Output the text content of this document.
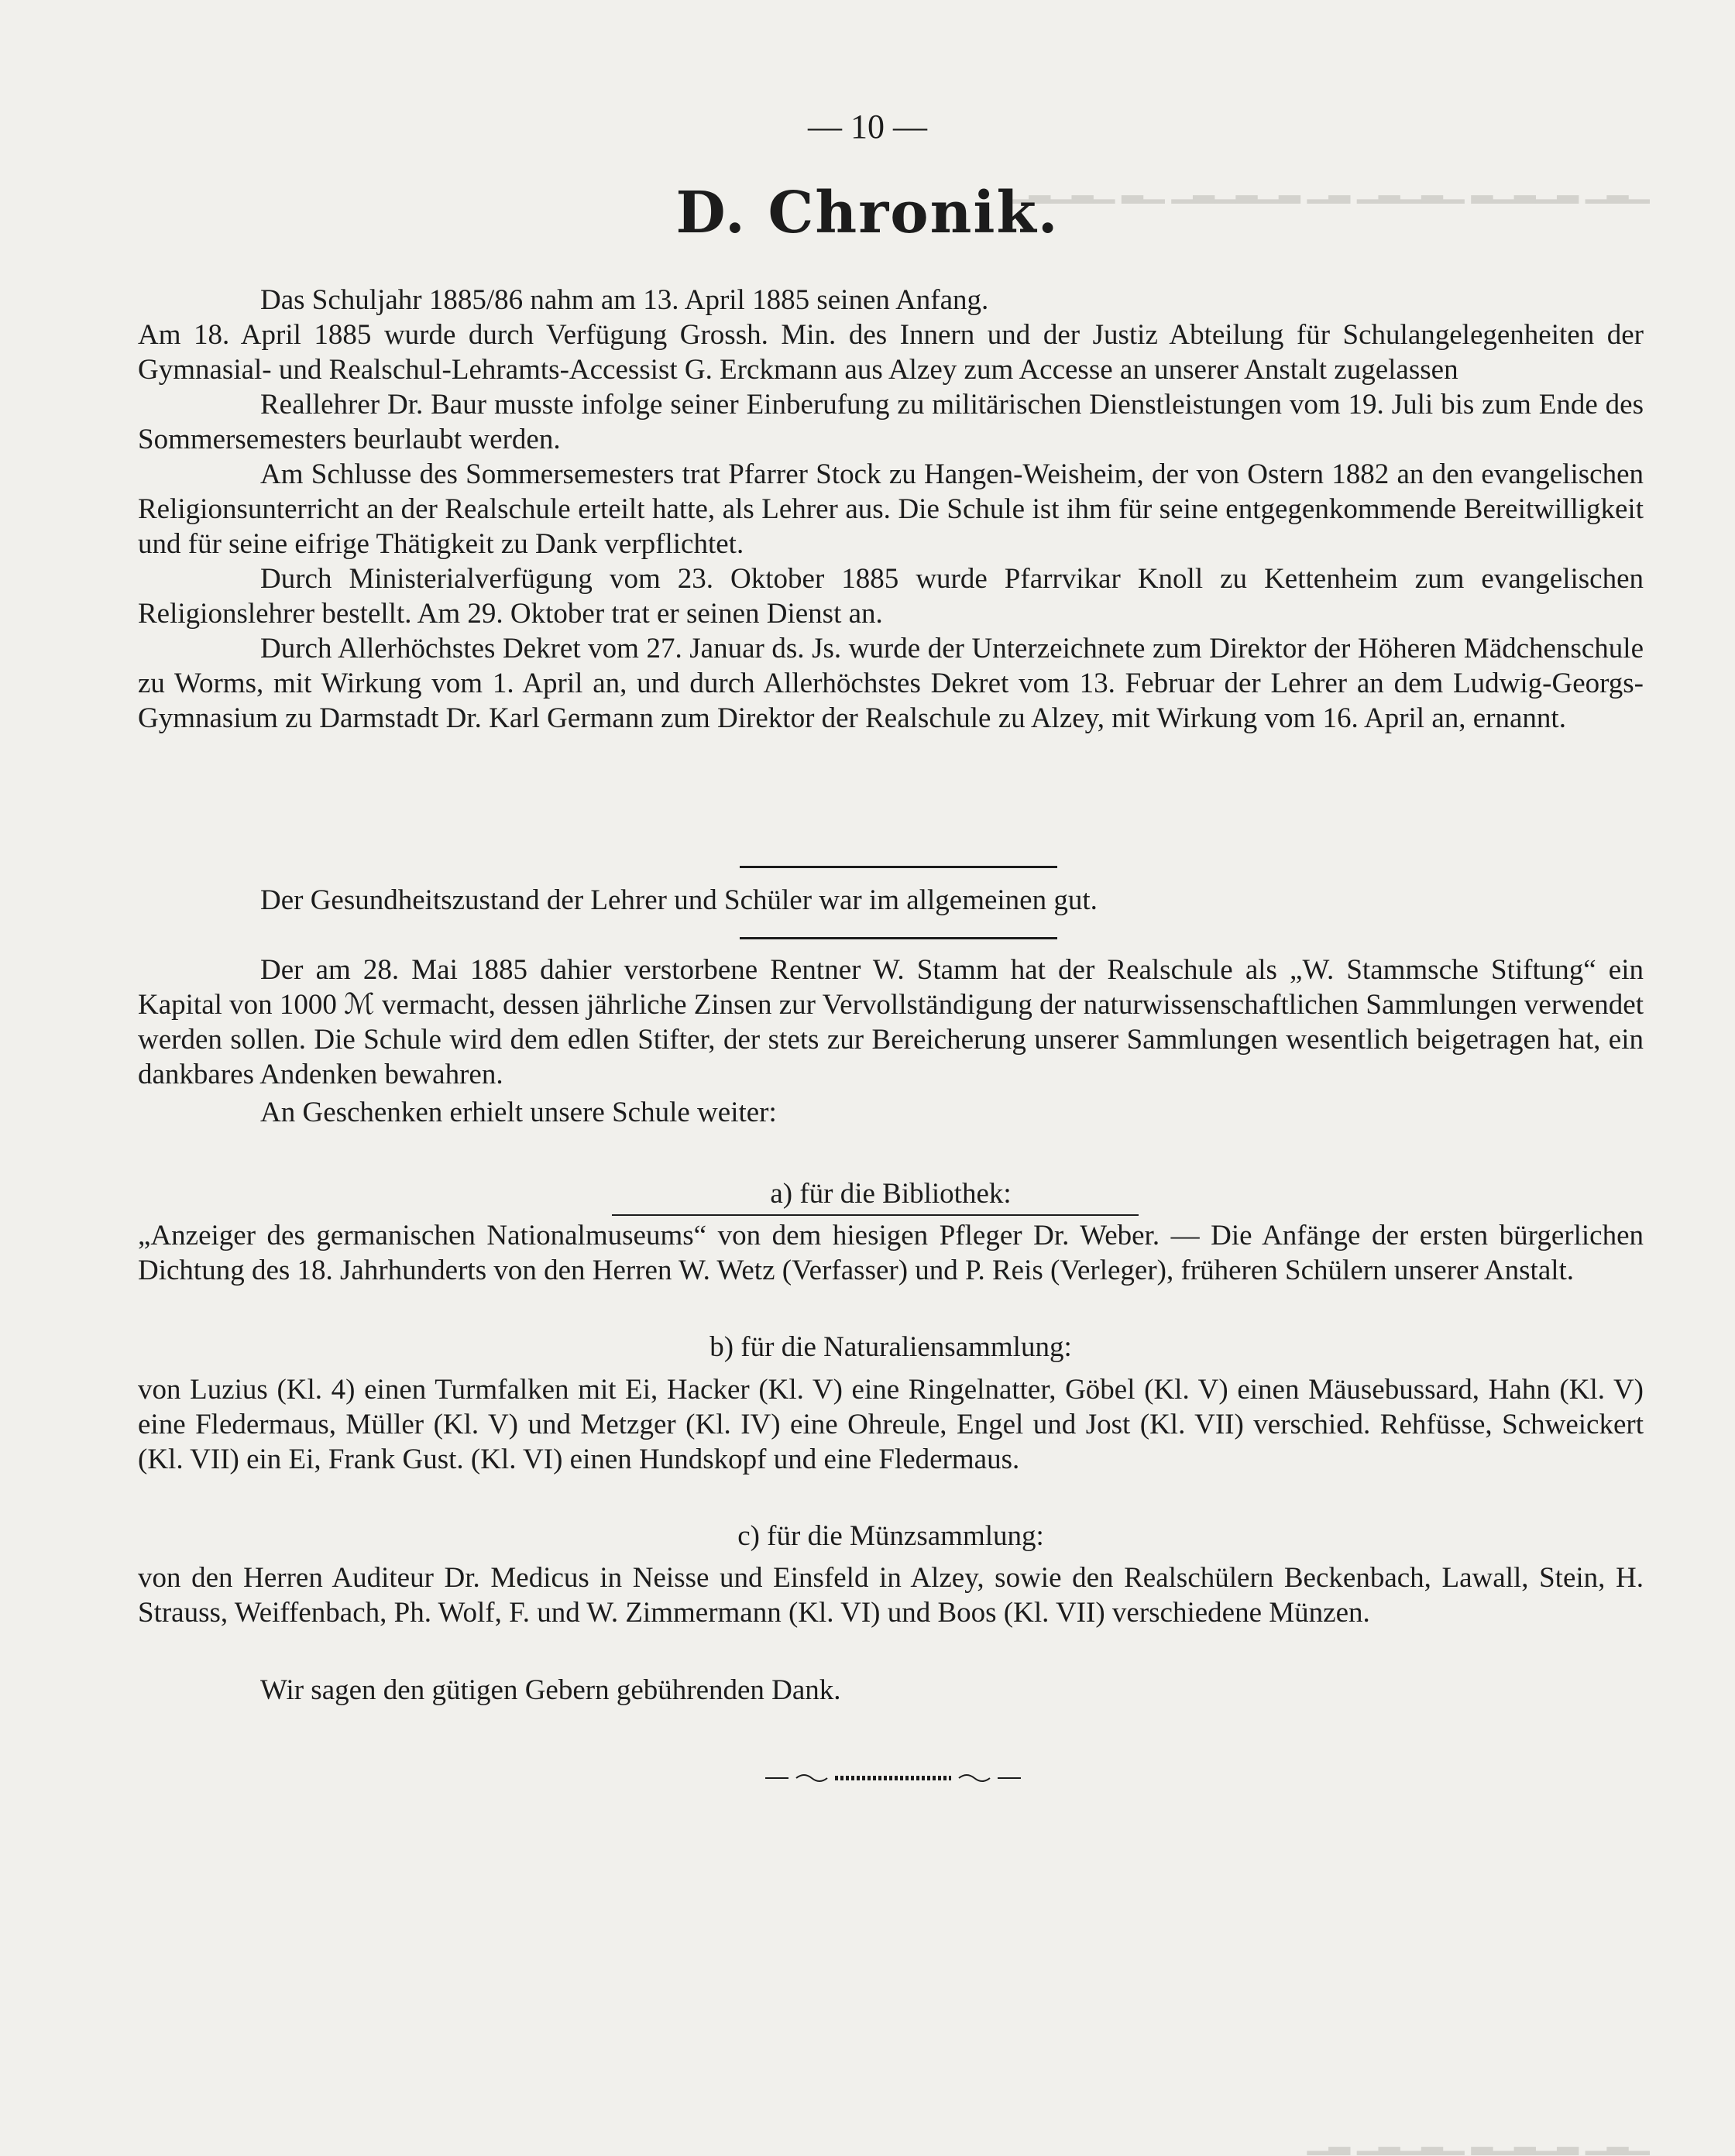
▁▂▁ ▂▁▂▁▂ ▁▂▁▂▁ ▂▁ ▂▁▂▁▂▁ ▁▂ ▁▂▁▂▁
▁▂▁ ▂▁▂▁▂ ▁▂▁▂▁ ▂▁
— 10 —
D. Chronik.

Das Schuljahr 1885/86 nahm am 13. April 1885 seinen Anfang.

Am 18. April 1885 wurde durch Verfügung Grossh. Min. des Innern und der Justiz Abteilung für Schulangelegenheiten der Gymnasial- und Realschul-Lehramts-Accessist G. Erckmann aus Alzey zum Accesse an unserer Anstalt zugelassen

Reallehrer Dr. Baur musste infolge seiner Einberufung zu militärischen Dienstleistungen vom 19. Juli bis zum Ende des Sommersemesters beurlaubt werden.

Am Schlusse des Sommersemesters trat Pfarrer Stock zu Hangen-Weisheim, der von Ostern 1882 an den evangelischen Religionsunterricht an der Realschule erteilt hatte, als Lehrer aus. Die Schule ist ihm für seine entgegenkommende Bereitwilligkeit und für seine eifrige Thätigkeit zu Dank verpflichtet.

Durch Ministerialverfügung vom 23. Oktober 1885 wurde Pfarrvikar Knoll zu Kettenheim zum evangelischen Religionslehrer bestellt. Am 29. Oktober trat er seinen Dienst an.

Durch Allerhöchstes Dekret vom 27. Januar ds. Js. wurde der Unterzeichnete zum Direktor der Höheren Mädchenschule zu Worms, mit Wirkung vom 1. April an, und durch Allerhöchstes Dekret vom 13. Februar der Lehrer an dem Ludwig-Georgs-Gymnasium zu Darmstadt Dr. Karl Germann zum Direktor der Realschule zu Alzey, mit Wirkung vom 16. April an, ernannt.

Der Gesundheitszustand der Lehrer und Schüler war im allgemeinen gut.

Der am 28. Mai 1885 dahier verstorbene Rentner W. Stamm hat der Realschule als „W. Stammsche Stiftung“ ein Kapital von 1000 ℳ vermacht, dessen jährliche Zinsen zur Vervollständigung der naturwissenschaftlichen Sammlungen verwendet werden sollen. Die Schule wird dem edlen Stifter, der stets zur Bereicherung unserer Sammlungen wesentlich beigetragen hat, ein dankbares Andenken bewahren.

An Geschenken erhielt unsere Schule weiter:

a) für die Bibliothek:

„Anzeiger des germanischen Nationalmuseums“ von dem hiesigen Pfleger Dr. Weber. — Die Anfänge der ersten bürgerlichen Dichtung des 18. Jahrhunderts von den Herren W. Wetz (Verfasser) und P. Reis (Verleger), früheren Schülern unserer Anstalt.

b) für die Naturaliensammlung:

von Luzius (Kl. 4) einen Turmfalken mit Ei, Hacker (Kl. V) eine Ringelnatter, Göbel (Kl. V) einen Mäusebussard, Hahn (Kl. V) eine Fledermaus, Müller (Kl. V) und Metzger (Kl. IV) eine Ohreule, Engel und Jost (Kl. VII) verschied. Rehfüsse, Schweickert (Kl. VII) ein Ei, Frank Gust. (Kl. VI) einen Hundskopf und eine Fledermaus.

c) für die Münzsammlung:

von den Herren Auditeur Dr. Medicus in Neisse und Einsfeld in Alzey, sowie den Realschülern Beckenbach, Lawall, Stein, H. Strauss, Weiffenbach, Ph. Wolf, F. und W. Zimmermann (Kl. VI) und Boos (Kl. VII) verschiedene Münzen.

Wir sagen den gütigen Gebern gebührenden Dank.
